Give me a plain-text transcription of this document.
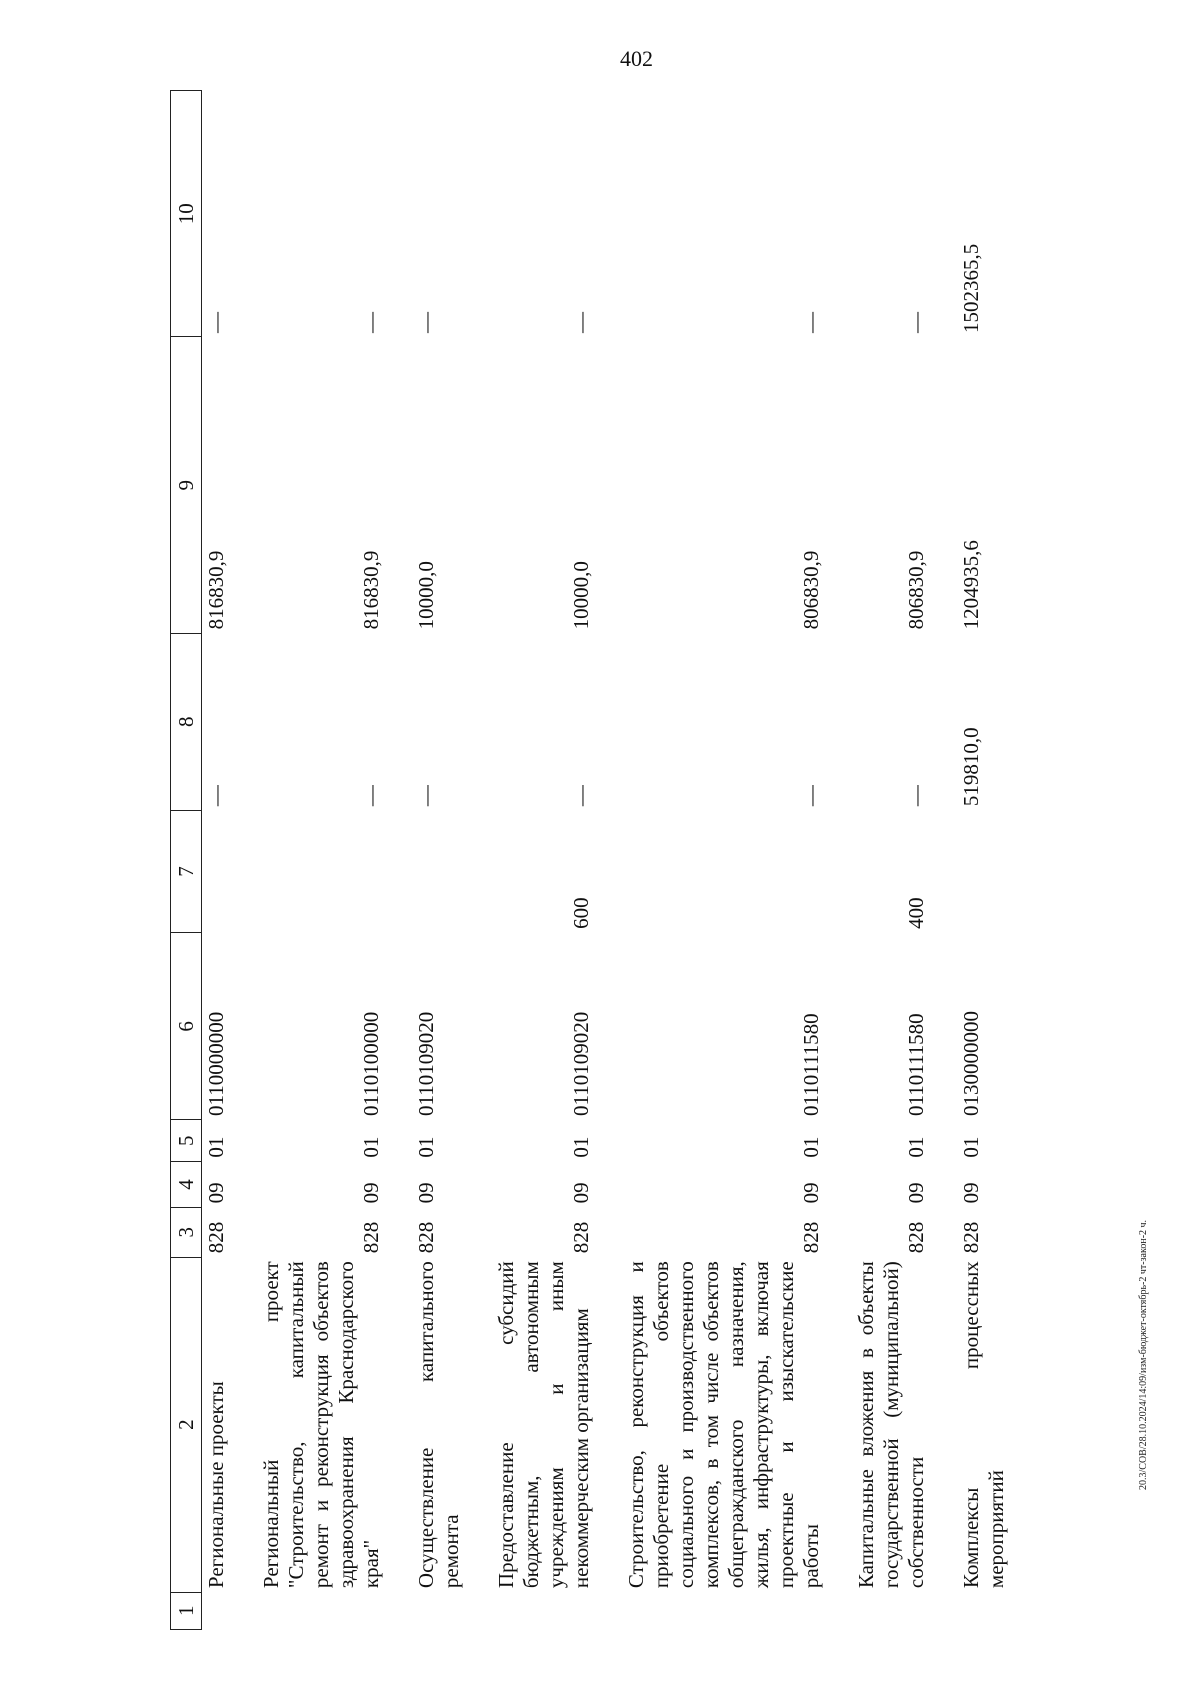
402
20.3/СОВ/28.10.2024/14:09/изм-бюджет-октябрь-2 чт-закон-2 ч.
1	2	3	4	5	6	7	8	9	10
	Региональные проекты	828	09	01	0110000000		—	816830,9	—

	Региональный проект "Строительство, капитальный ремонт и реконструкция объектов здравоохранения Краснодарского края"	828	09	01	0110100000		—	816830,9	—

	Осуществление капитального ремонта	828	09	01	0110109020		—	10000,0	—

	Предоставление субсидий бюджетным, автономным учреждениям и иным некоммерческим организациям	828	09	01	0110109020	600	—	10000,0	—

	Строительство, реконструкция и приобретение объектов социального и производственного комплексов, в том числе объектов общегражданского назначения, жилья, инфраструктуры, включая проектные и изыскательские работы	828	09	01	0110111580		—	806830,9	—

	Капитальные вложения в объекты государственной (муниципальной) собственности	828	09	01	0110111580	400	—	806830,9	—

	Комплексы процессных мероприятий	828	09	01	0130000000		519810,0	1204935,6	1502365,5
